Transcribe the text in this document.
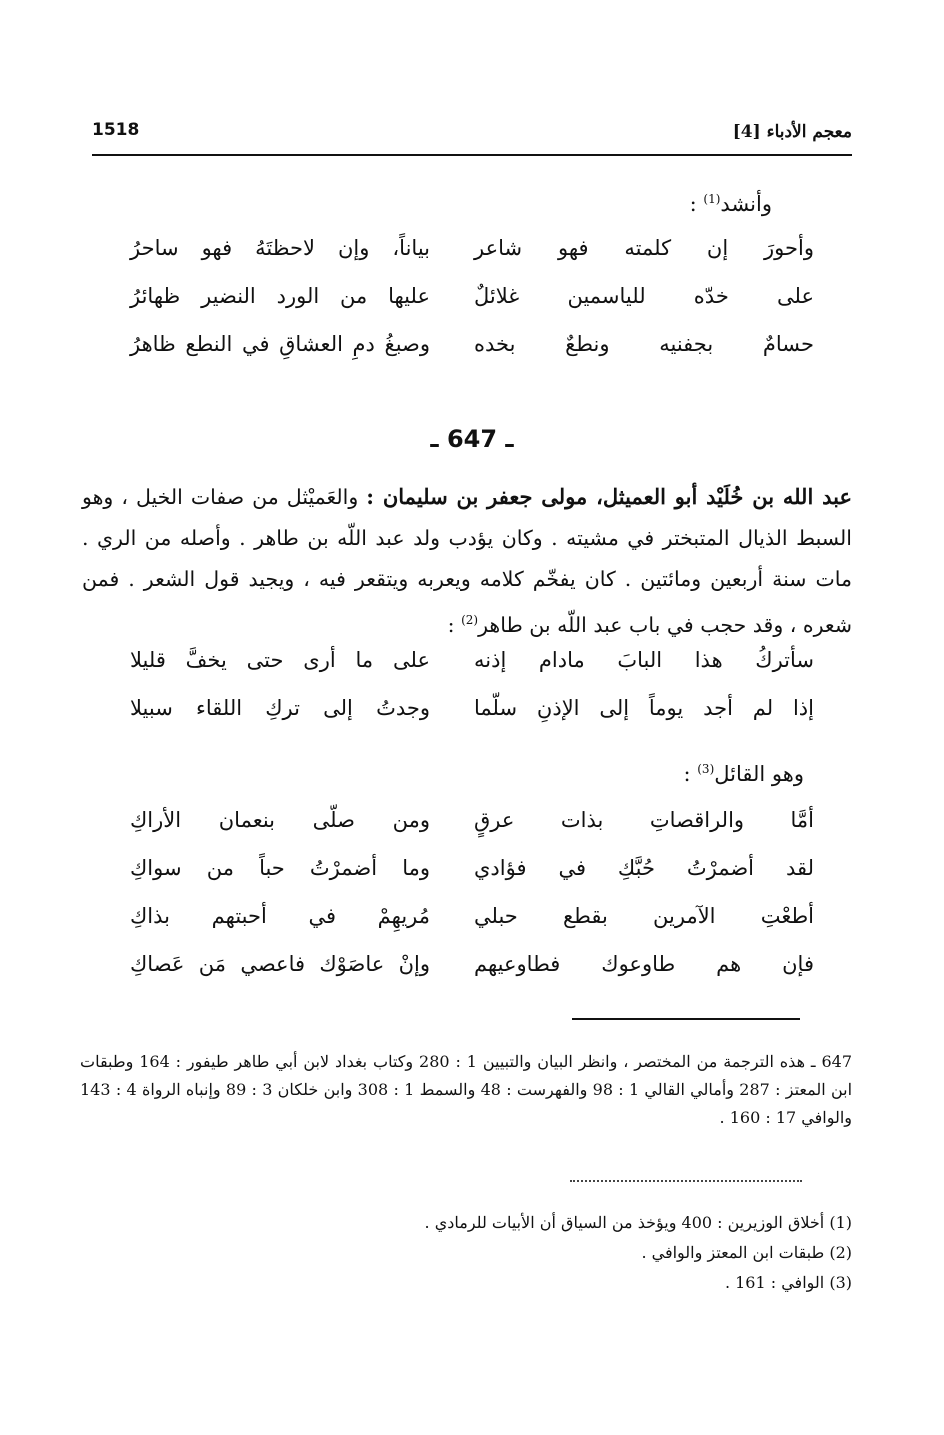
معجم الأدباء [4]
1518
وأنشد$^{(1)}$ :
وأحورَ إن كلمته فهو شاعر
بياناً، وإن لاحظتَهُ فهو ساحرُ
على خدّه للياسمين غلائلٌ
عليها من الورد النضير ظهائرُ
حسامٌ بجفنيه ونطعٌ بخده
وصبغُ دمِ العشاقِ في النطع ظاهرُ
ـ 647 ـ

عبد الله بن خُلَيْد أبو العميثل، مولى جعفر بن سليمان : والعَميْثل من صفات الخيل ، وهو السبط الذيال المتبختر في مشيته . وكان يؤدب ولد عبد اللّه بن طاهر . وأصله من الري . مات سنة أربعين ومائتين . كان يفخّم كلامه ويعربه ويتقعر فيه ، ويجيد قول الشعر . فمن شعره ، وقد حجب في باب عبد اللّه بن طاهر$^{(2)}$ :

سأتركُ هذا البابَ مادام إذنه
على ما أرى حتى يخفَّ قليلا
إذا لم أجد يوماً إلى الإذنِ سلّما
وجدتُ إلى تركِ اللقاء سبيلا
وهو القائل$^{(3)}$ :
أمَّا والراقصاتِ بذات عرقٍ
ومن صلّى بنعمان الأراكِ
لقد أضمرْتُ حُبَّكِ في فؤادي
وما أضمرْتُ حباً من سواكِ
أطعْتِ الآمرين بقطع حبلي
مُريهِمْ في أحبتهم بذاكِ
فإن هم طاوعوك فطاوعيهم
وإنْ عاصَوْك فاعصي مَن عَصاكِ

647 ـ هذه الترجمة من المختصر ، وانظر البيان والتبيين 1 : 280 وكتاب بغداد لابن أبي طاهر طيفور : 164 وطبقات ابن المعتز : 287 وأمالي القالي 1 : 98 والفهرست : 48 والسمط 1 : 308 وابن خلكان 3 : 89 وإنباه الرواة 4 : 143 والوافي 17 : 160 .

(1) أخلاق الوزيرين : 400 ويؤخذ من السياق أن الأبيات للرمادي .
(2) طبقات ابن المعتز والوافي .
(3) الوافي : 161 .
